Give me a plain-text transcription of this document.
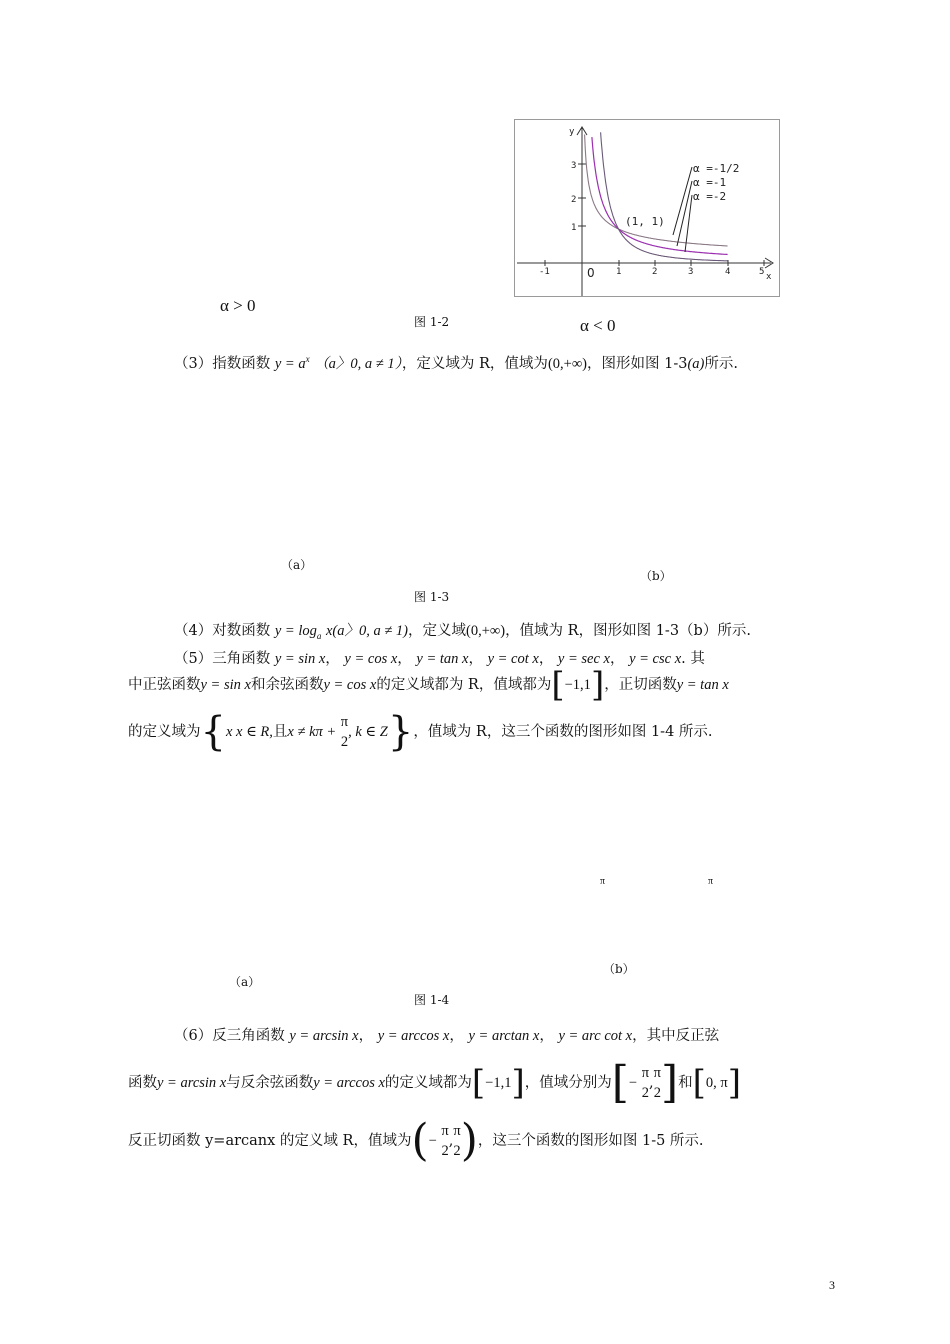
-1	1	2	3	4	5
1
2
3
y
x
0
(1, 1)
α =-1/2
α =-1
α =-2
α > 0
α < 0
图 1-2
（3）指数函数 $y = a^x$ （a〉0, a ≠ 1），定义域为 R，值域为(0,+∞)，图形如图 1-3(a)所示.
（a）
（b）
图 1-3
（4）对数函数 $y = \log_a x(a$〉0, a ≠ 1)，定义域(0,+∞)，值域为 R，图形如图 1-3（b）所示.
（5）三角函数 y = sin x， y = cos x， y = tan x， y = cot x， y = sec x， y = csc x. 其
中正弦函数y = sin x和余弦函数y = cos x的定义域都为 R，值域都为[−1,1]，正切函数y = tan x
的定义域为{x x ∈ R,且x ≠ kπ +
π
2
, k ∈ Z}，值域为 R，这三个函数的图形如图 1-4 所示.
π	π
（b）
（a）
图 1-4
（6）反三角函数 y = arcsin x， y = arccos x， y = arctan x， y = arc cot x，其中反正弦
函数y = arcsin x与反余弦函数y = arccos x的定义域都为[−1,1]，值域分别为[−
π
2
,
π
2 ]和[0, π]
反正切函数 y=arcanx 的定义域 R，值域为(−
π
2
,
π
2 )，这三个函数的图形如图 1-5 所示.
3
